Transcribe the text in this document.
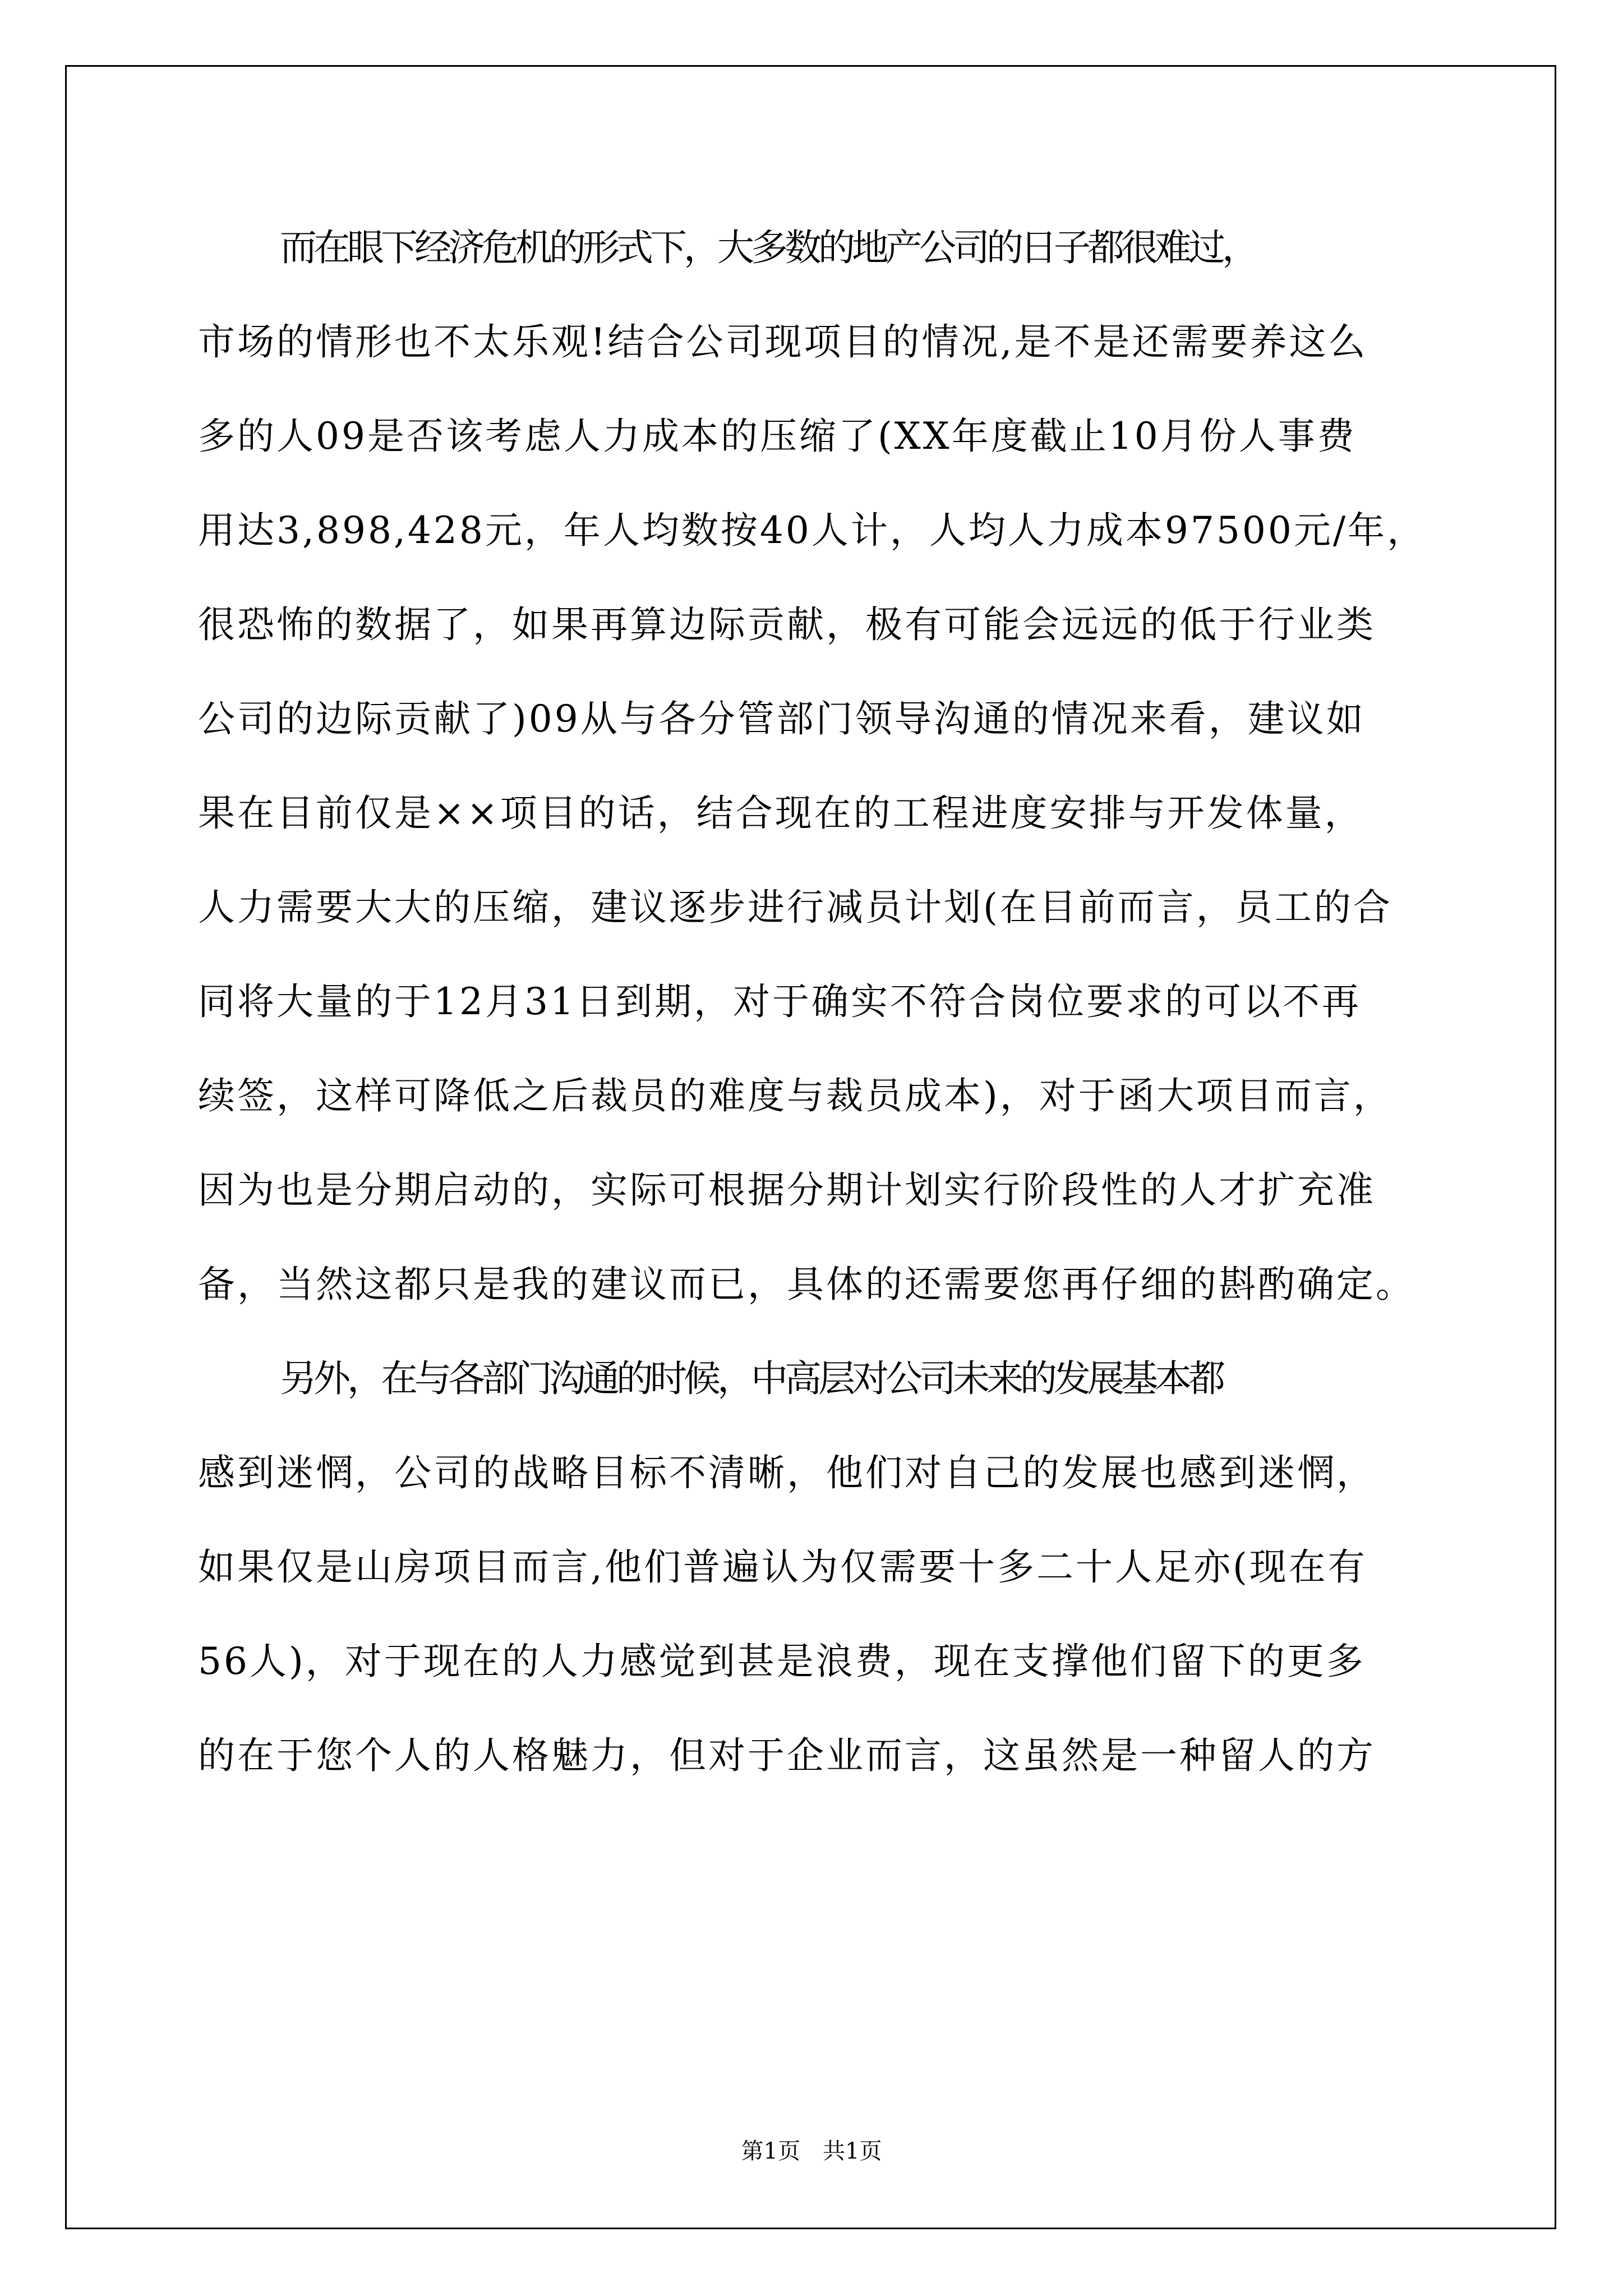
而在眼下经济危机的形式下，大多数的地产公司的日子都很难过，
市场的情形也不太乐观!结合公司现项目的情况,是不是还需要养这么
多的人09是否该考虑人力成本的压缩了(XX年度截止10月份人事费
用达3,898,428元，年人均数按40人计，人均人力成本97500元/年，
很恐怖的数据了，如果再算边际贡献，极有可能会远远的低于行业类
公司的边际贡献了)09从与各分管部门领导沟通的情况来看，建议如
果在目前仅是××项目的话，结合现在的工程进度安排与开发体量，
人力需要大大的压缩，建议逐步进行减员计划(在目前而言，员工的合
同将大量的于12月31日到期，对于确实不符合岗位要求的可以不再
续签，这样可降低之后裁员的难度与裁员成本)，对于函大项目而言，
因为也是分期启动的，实际可根据分期计划实行阶段性的人才扩充准
备，当然这都只是我的建议而已，具体的还需要您再仔细的斟酌确定。
另外，在与各部门沟通的时候，中高层对公司未来的发展基本都
感到迷惘，公司的战略目标不清晰，他们对自己的发展也感到迷惘，
如果仅是山房项目而言,他们普遍认为仅需要十多二十人足亦(现在有
56人)，对于现在的人力感觉到甚是浪费，现在支撑他们留下的更多
的在于您个人的人格魅力，但对于企业而言，这虽然是一种留人的方
第1页　共1页
